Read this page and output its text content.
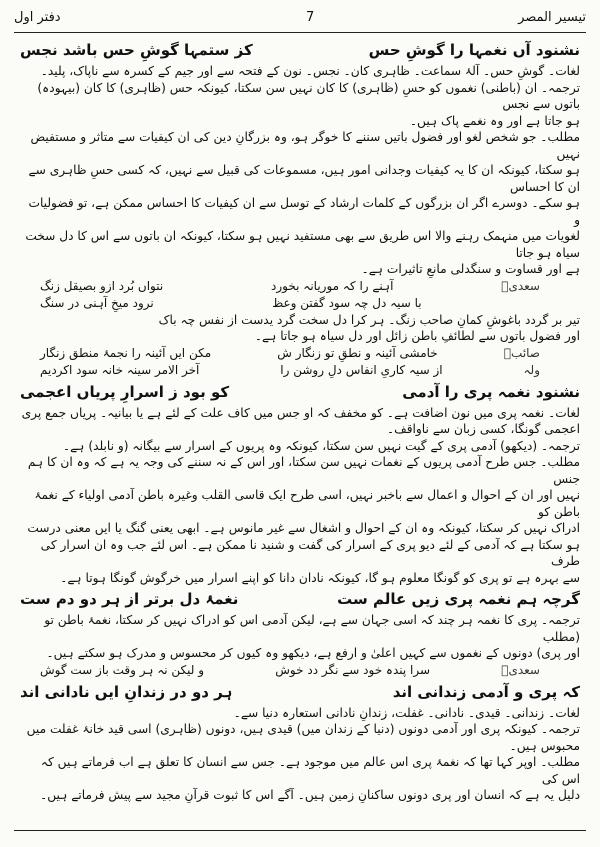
تیسیر المصر
7
دفتر اول
نشنود آں نغمہا را گوشِ حس
کز ستمہا گوشِ حس باشد نجس

لغات۔ گوشِ حس۔ آلۂ سماعت۔ ظاہری کان۔ نجس۔ نون کے فتحہ سے اور جیم کے کسرہ سے ناپاک، پلید۔

ترجمہ۔ ان (باطنی) نغموں کو حسِ (ظاہری) کا کان نہیں سن سکتا، کیونکہ حس (ظاہری) کا کان (بیہودہ) باتوں سے نجس

ہو جاتا ہے اور وہ نغمے پاک ہیں۔

مطلب۔ جو شخص لغو اور فضول باتیں سننے کا خوگر ہو، وہ بزرگانِ دین کی ان کیفیات سے متاثر و مستفیض نہیں

ہو سکتا، کیونکہ ان کا یہ کیفیات وجدانی امور ہیں، مسموعات کی قبیل سے نہیں، کہ کسی حسِ ظاہری سے ان کا احساس

ہو سکے۔ دوسرے اگر ان بزرگوں کے کلمات ارشاد کے توسل سے ان کیفیات کا احساس ممکن ہے، تو فضولیات و

لغویات میں منہمک رہنے والا اس طریق سے بھی مستفید نہیں ہو سکتا، کیونکہ ان باتوں سے اس کا دل سخت سیاہ ہو جاتا

ہے اور قساوت و سنگدلی مانعِ تاثیرات ہے۔

سعدیؒ
آہنے را کہ موریانہ بخورد
نتواں بُرد ازو بصیقل زنگ
با سیہ دل چہ سود گفتن وعظ
نرود میخِ آہنی در سنگ

تیر بر گردد باغوشِ کمانِ صاحب زنگ۔ ہر کرا دل سخت گرد یدست از نفس چہ باک

اور فضول باتوں سے لطائفِ باطن زائل اور دل سیاہ ہو جاتا ہے۔

صائبؒ
خامشی آئینہ و نطقِ تو زنگار ش
مکن ایں آئینہ را نجمۂ منطق زنگار
ولہ
از سیہ کاریِ انفاس دلِ روشن را
آخر الامر سینہ خانہ سود اکردیم
نشنود نغمہ پری را آدمی
کو بود ز اسرارِ پریاں اعجمی

لغات۔ نغمہ پری میں نون اضافت ہے۔ کو مخفف کہ او جس میں کاف علت کے لئے ہے یا بیانیہ۔ پریاں جمع پری

اعجمی گونگا، کسی زبان سے ناواقف۔

ترجمہ۔ (دیکھو) آدمی پری کے گیت نہیں سن سکتا، کیونکہ وہ پریوں کے اسرار سے بیگانہ (و نابلد) ہے۔

مطلب۔ جس طرح آدمی پریوں کے نغمات نہیں سن سکتا، اور اس کے نہ سننے کی وجہ یہ ہے کہ وہ ان کا ہم جنس

نہیں اور ان کے احوال و اعمال سے باخبر نہیں، اسی طرح ایک قاسی القلب وغیرہ باطن آدمی اولیاء کے نغمۂ باطن کو

ادراک نہیں کر سکتا، کیونکہ وہ ان کے احوال و اشغال سے غیر مانوس ہے۔ ابھی یعنی گنگ یا ایں معنی درست

ہو سکتا ہے کہ آدمی کے لئے دیو پری کے اسرار کی گفت و شنید نا ممکن ہے۔ اس لئے جب وہ ان اسرار کی طرف

سے بہرہ ہے تو پری کو گونگا معلوم ہو گا، کیونکہ نادان دانا کو اپنے اسرار میں خرگوش گونگا ہوتا ہے۔

گرچہ ہم نغمہ پری زیں عالم ست
نغمۂ دل برتر از ہر دو دم ست

ترجمہ۔ پری کا نغمہ ہر چند کہ اسی جہان سے ہے، لیکن آدمی اس کو ادراک نہیں کر سکتا، نغمۂ باطن تو (مطلب

اور پری) دونوں کے نغموں سے کہیں اعلیٰ و ارفع ہے، دیکھو وہ کیوں کر محسوس و مدرک ہو سکتے ہیں۔

سعدیؒ
سرا پندہ خود سے نگر دد خوش
و لیکن نہ ہر وقت باز ست گوش
کہ پری و آدمی زندانی اند
ہر دو در زندانِ ایں نادانی اند

لغات۔ زندانی۔ قیدی۔ نادانی۔ غفلت، زندانِ نادانی استعارہ دنیا سے۔

ترجمہ۔ کیونکہ پری اور آدمی دونوں (دنیا کے زندان میں) قیدی ہیں، دونوں (ظاہری) اسی قید خانۂ غفلت میں محبوس ہیں۔

مطلب۔ اوپر کہا تھا کہ نغمۂ پری اس عالم میں موجود ہے۔ جس سے انسان کا تعلق ہے اب فرماتے ہیں کہ اس کی

دلیل یہ ہے کہ انسان اور پری دونوں ساکنانِ زمین ہیں۔ آگے اس کا ثبوت قرآنِ مجید سے پیش فرماتے ہیں۔
